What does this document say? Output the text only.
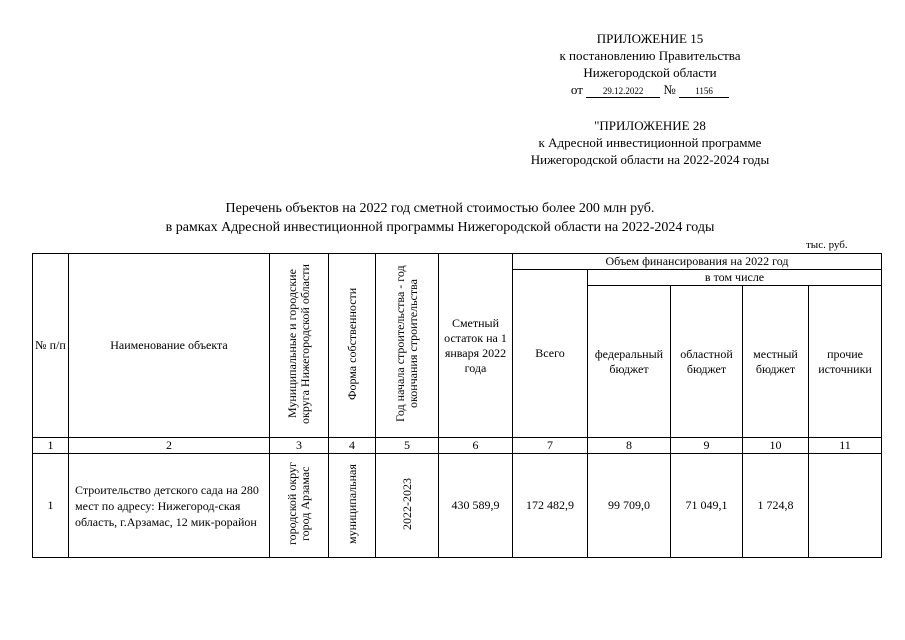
ПРИЛОЖЕНИЕ 15
к постановлению Правительства
Нижегородской области
от 29.12.2022 № 1156
"ПРИЛОЖЕНИЕ 28
к Адресной инвестиционной программе
Нижегородской области на 2022-2024 годы
Перечень объектов на 2022 год сметной стоимостью более 200 млн руб.
в рамках Адресной инвестиционной программы Нижегородской области на 2022-2024 годы
тыс. руб.
№ п/п	Наименование объекта	Муниципальные и городские округа Нижегородской области	Форма собственности	Год начала строительства - год окончания строительства	Сметный остаток на 1 января 2022 года	Объем финансирования на 2022 год				
						Всего	в том числе			
							федеральный бюджет	областной бюджет	местный бюджет	прочие источники
1	2	3	4	5	6	7	8	9	10	11
1	Строительство детского сада на 280 мест по адресу: Нижегород-ская область, г.Арзамас, 12 мик-рорайон	городской округ город Арзамас	муниципальная	2022-2023	430 589,9	172 482,9	99 709,0	71 049,1	1 724,8	
